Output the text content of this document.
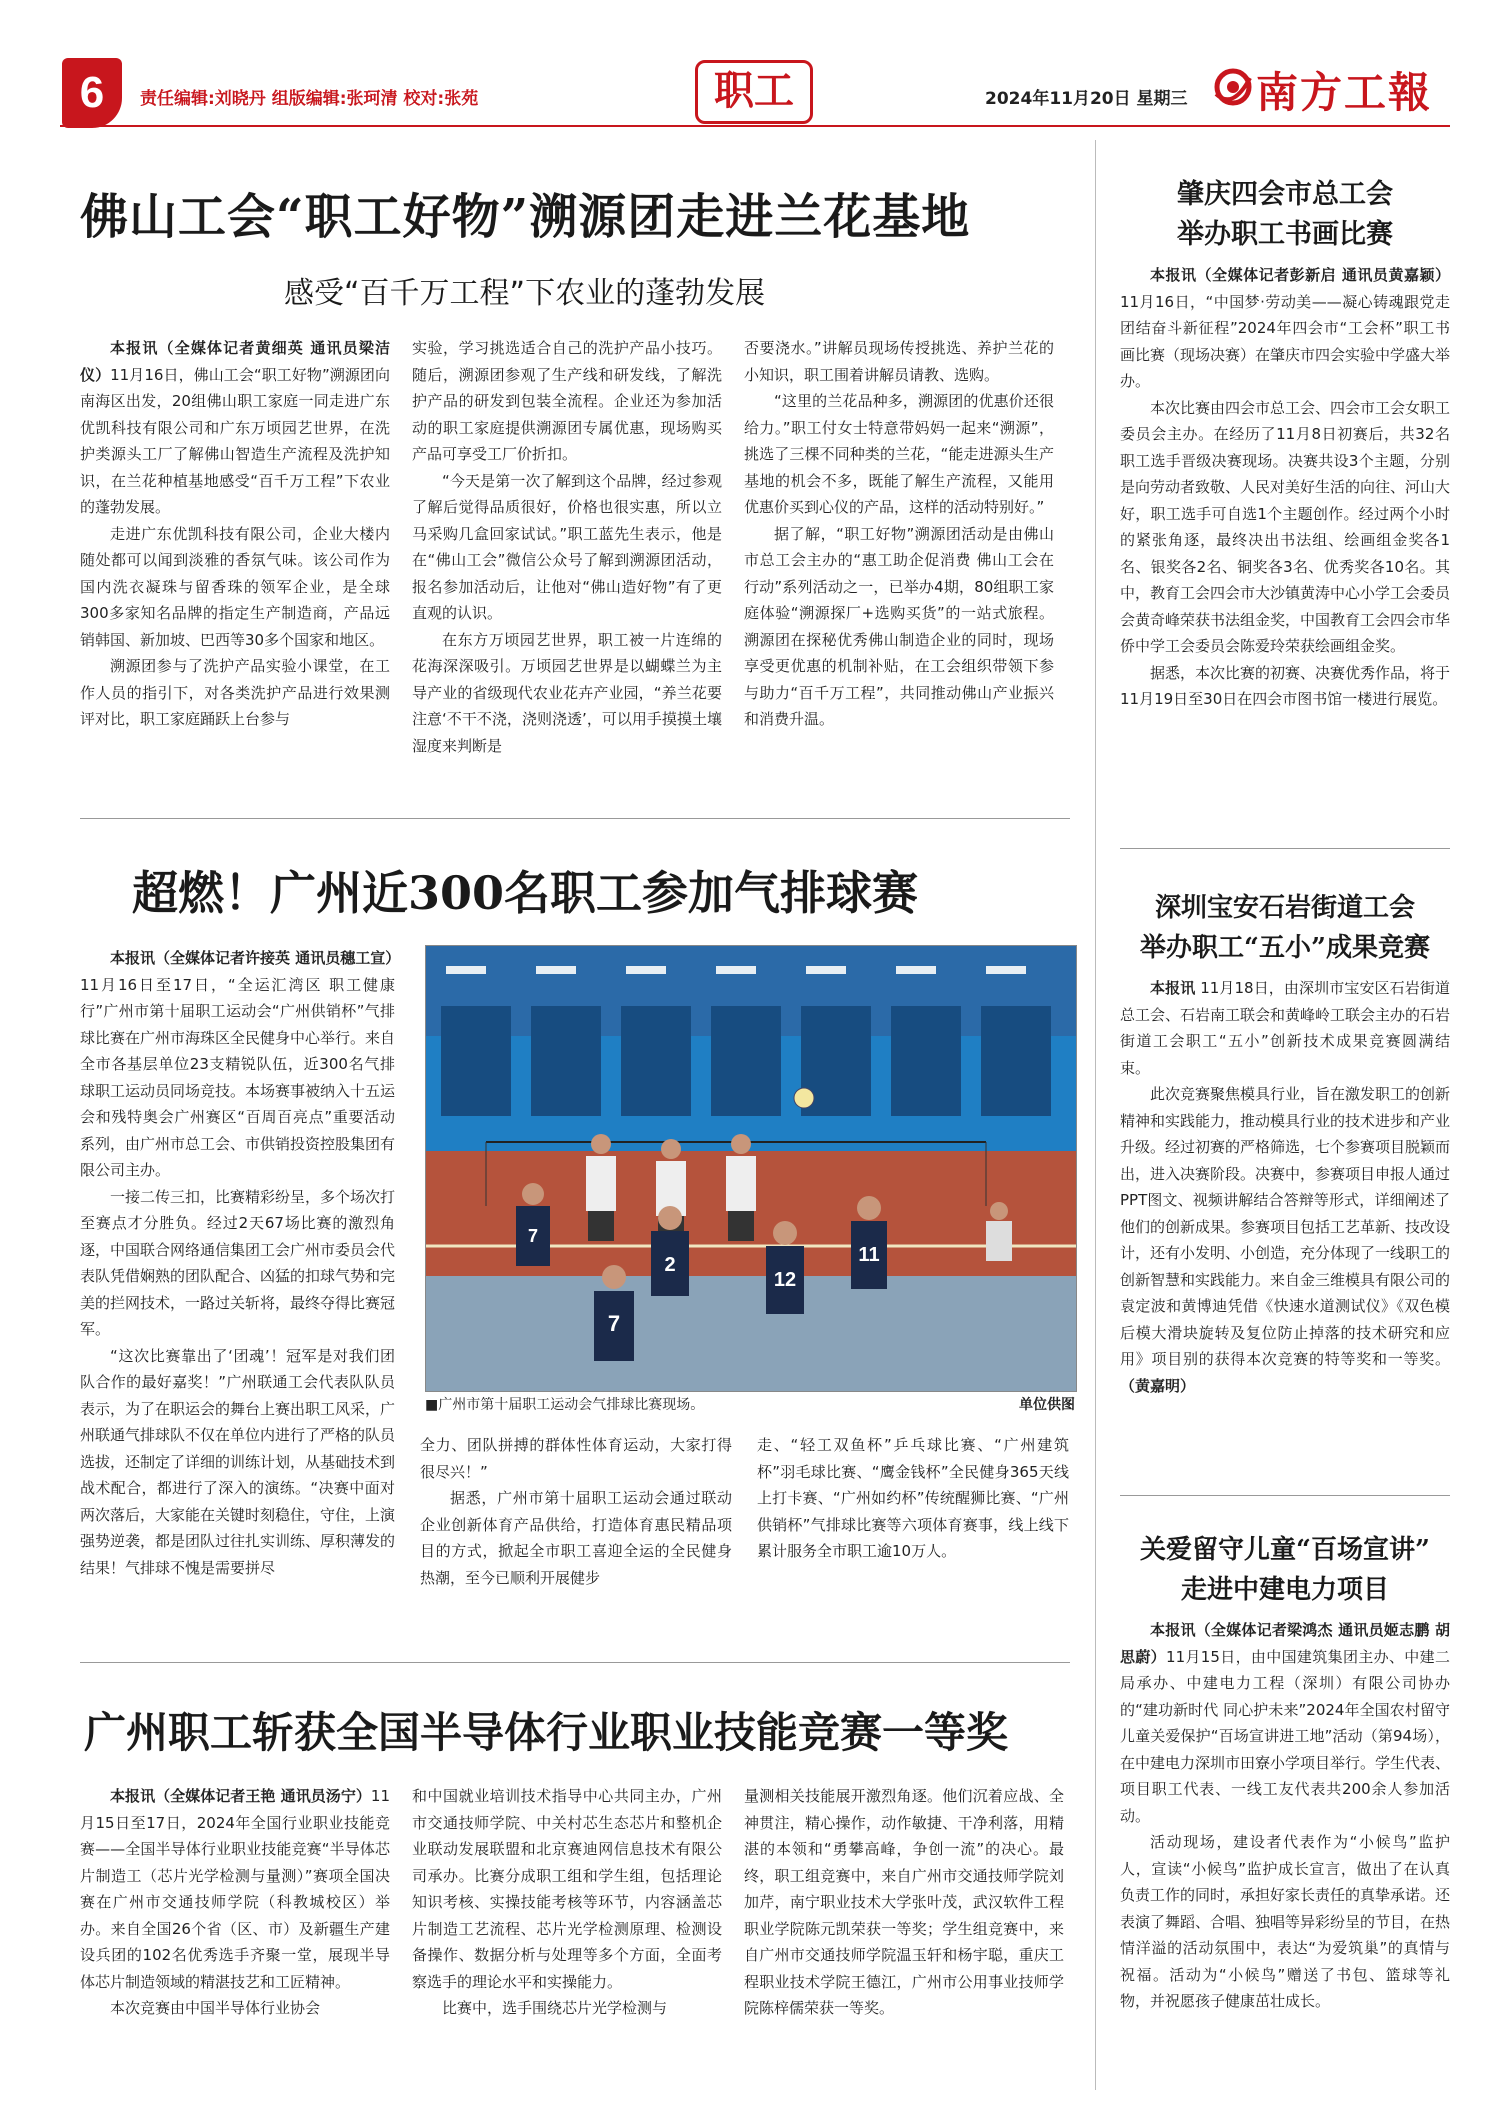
6	责任编辑:刘晓丹 组版编辑:张珂清 校对:张苑	职工	2024年11月20日 星期三 南方工報
佛山工会“职工好物”溯源团走进兰花基地
感受“百千万工程”下农业的蓬勃发展

本报讯（全媒体记者黄细英 通讯员梁洁仪）11月16日，佛山工会“职工好物”溯源团向南海区出发，20组佛山职工家庭一同走进广东优凯科技有限公司和广东万顷园艺世界，在洗护类源头工厂了解佛山智造生产流程及洗护知识，在兰花种植基地感受“百千万工程”下农业的蓬勃发展。

走进广东优凯科技有限公司，企业大楼内随处都可以闻到淡雅的香氛气味。该公司作为国内洗衣凝珠与留香珠的领军企业，是全球300多家知名品牌的指定生产制造商，产品远销韩国、新加坡、巴西等30多个国家和地区。

溯源团参与了洗护产品实验小课堂，在工作人员的指引下，对各类洗护产品进行效果测评对比，职工家庭踊跃上台参与

实验，学习挑选适合自己的洗护产品小技巧。随后，溯源团参观了生产线和研发线，了解洗护产品的研发到包装全流程。企业还为参加活动的职工家庭提供溯源团专属优惠，现场购买产品可享受工厂价折扣。

“今天是第一次了解到这个品牌，经过参观了解后觉得品质很好，价格也很实惠，所以立马采购几盒回家试试。”职工蓝先生表示，他是在“佛山工会”微信公众号了解到溯源团活动，报名参加活动后，让他对“佛山造好物”有了更直观的认识。

在东方万顷园艺世界，职工被一片连绵的花海深深吸引。万顷园艺世界是以蝴蝶兰为主导产业的省级现代农业花卉产业园，“养兰花要注意‘不干不浇，浇则浇透’，可以用手摸摸土壤湿度来判断是

否要浇水。”讲解员现场传授挑选、养护兰花的小知识，职工围着讲解员请教、选购。

“这里的兰花品种多，溯源团的优惠价还很给力。”职工付女士特意带妈妈一起来“溯源”，挑选了三棵不同种类的兰花，“能走进源头生产基地的机会不多，既能了解生产流程，又能用优惠价买到心仪的产品，这样的活动特别好。”

据了解，“职工好物”溯源团活动是由佛山市总工会主办的“惠工助企促消费 佛山工会在行动”系列活动之一，已举办4期，80组职工家庭体验“溯源探厂+选购买货”的一站式旅程。溯源团在探秘优秀佛山制造企业的同时，现场享受更优惠的机制补贴，在工会组织带领下参与助力“百千万工程”，共同推动佛山产业振兴和消费升温。

肇庆四会市总工会
举办职工书画比赛

本报讯（全媒体记者彭新启 通讯员黄嘉颖）11月16日，“中国梦·劳动美——凝心铸魂跟党走 团结奋斗新征程”2024年四会市“工会杯”职工书画比赛（现场决赛）在肇庆市四会实验中学盛大举办。

本次比赛由四会市总工会、四会市工会女职工委员会主办。在经历了11月8日初赛后，共32名职工选手晋级决赛现场。决赛共设3个主题，分别是向劳动者致敬、人民对美好生活的向往、河山大好，职工选手可自选1个主题创作。经过两个小时的紧张角逐，最终决出书法组、绘画组金奖各1名、银奖各2名、铜奖各3名、优秀奖各10名。其中，教育工会四会市大沙镇黄涛中心小学工会委员会黄奇峰荣获书法组金奖，中国教育工会四会市华侨中学工会委员会陈爱玲荣获绘画组金奖。

据悉，本次比赛的初赛、决赛优秀作品，将于11月19日至30日在四会市图书馆一楼进行展览。

超燃！广州近300名职工参加气排球赛

本报讯（全媒体记者许接英 通讯员穗工宣）11月16日至17日，“全运汇湾区 职工健康行”广州市第十届职工运动会“广州供销杯”气排球比赛在广州市海珠区全民健身中心举行。来自全市各基层单位23支精锐队伍，近300名气排球职工运动员同场竞技。本场赛事被纳入十五运会和残特奥会广州赛区“百周百亮点”重要活动系列，由广州市总工会、市供销投资控股集团有限公司主办。

一接二传三扣，比赛精彩纷呈，多个场次打至赛点才分胜负。经过2天67场比赛的激烈角逐，中国联合网络通信集团工会广州市委员会代表队凭借娴熟的团队配合、凶猛的扣球气势和完美的拦网技术，一路过关斩将，最终夺得比赛冠军。

“这次比赛靠出了‘团魂’！冠军是对我们团队合作的最好嘉奖！”广州联通工会代表队队员表示，为了在职运会的舞台上赛出职工风采，广州联通气排球队不仅在单位内进行了严格的队员选拔，还制定了详细的训练计划，从基础技术到战术配合，都进行了深入的演练。“决赛中面对两次落后，大家能在关键时刻稳住，守住，上演强势逆袭，都是团队过往扎实训练、厚积薄发的结果！气排球不愧是需要拼尽

2
12
11
7
7
■广州市第十届职工运动会气排球比赛现场。	单位供图

全力、团队拼搏的群体性体育运动，大家打得很尽兴！”

据悉，广州市第十届职工运动会通过联动企业创新体育产品供给，打造体育惠民精品项目的方式，掀起全市职工喜迎全运的全民健身热潮，至今已顺利开展健步

走、“轻工双鱼杯”乒乓球比赛、“广州建筑杯”羽毛球比赛、“鹰金钱杯”全民健身365天线上打卡赛、“广州如约杯”传统醒狮比赛、“广州供销杯”气排球比赛等六项体育赛事，线上线下累计服务全市职工逾10万人。

深圳宝安石岩街道工会
举办职工“五小”成果竞赛

本报讯 11月18日，由深圳市宝安区石岩街道总工会、石岩南工联会和黄峰岭工联会主办的石岩街道工会职工“五小”创新技术成果竞赛圆满结束。

此次竞赛聚焦模具行业，旨在激发职工的创新精神和实践能力，推动模具行业的技术进步和产业升级。经过初赛的严格筛选，七个参赛项目脱颖而出，进入决赛阶段。决赛中，参赛项目申报人通过PPT图文、视频讲解结合答辩等形式，详细阐述了他们的创新成果。参赛项目包括工艺革新、技改设计，还有小发明、小创造，充分体现了一线职工的创新智慧和实践能力。来自金三维模具有限公司的袁定波和黄博迪凭借《快速水道测试仪》《双色模后模大滑块旋转及复位防止掉落的技术研究和应用》项目别的获得本次竞赛的特等奖和一等奖。（黄嘉明）

关爱留守儿童“百场宣讲”
走进中建电力项目

本报讯（全媒体记者梁鸿杰 通讯员姬志鹏 胡思蔚）11月15日，由中国建筑集团主办、中建二局承办、中建电力工程（深圳）有限公司协办的“建功新时代 同心护未来”2024年全国农村留守儿童关爱保护“百场宣讲进工地”活动（第94场），在中建电力深圳市田寮小学项目举行。学生代表、项目职工代表、一线工友代表共200余人参加活动。

活动现场，建设者代表作为“小候鸟”监护人，宣读“小候鸟”监护成长宣言，做出了在认真负责工作的同时，承担好家长责任的真挚承诺。还表演了舞蹈、合唱、独唱等异彩纷呈的节目，在热情洋溢的活动氛围中，表达“为爱筑巢”的真情与祝福。活动为“小候鸟”赠送了书包、篮球等礼物，并祝愿孩子健康茁壮成长。

广州职工斩获全国半导体行业职业技能竞赛一等奖

本报讯（全媒体记者王艳 通讯员汤宁）11月15日至17日，2024年全国行业职业技能竞赛——全国半导体行业职业技能竞赛“半导体芯片制造工（芯片光学检测与量测）”赛项全国决赛在广州市交通技师学院（科教城校区）举办。来自全国26个省（区、市）及新疆生产建设兵团的102名优秀选手齐聚一堂，展现半导体芯片制造领域的精湛技艺和工匠精神。

本次竞赛由中国半导体行业协会

和中国就业培训技术指导中心共同主办，广州市交通技师学院、中关村芯生态芯片和整机企业联动发展联盟和北京赛迪网信息技术有限公司承办。比赛分成职工组和学生组，包括理论知识考核、实操技能考核等环节，内容涵盖芯片制造工艺流程、芯片光学检测原理、检测设备操作、数据分析与处理等多个方面，全面考察选手的理论水平和实操能力。

比赛中，选手围绕芯片光学检测与

量测相关技能展开激烈角逐。他们沉着应战、全神贯注，精心操作，动作敏捷、干净利落，用精湛的本领和“勇攀高峰，争创一流”的决心。最终，职工组竞赛中，来自广州市交通技师学院刘加芹，南宁职业技术大学张叶茂，武汉软件工程职业学院陈元凯荣获一等奖；学生组竞赛中，来自广州市交通技师学院温玉轩和杨宇聪，重庆工程职业技术学院王德江，广州市公用事业技师学院陈梓儒荣获一等奖。
